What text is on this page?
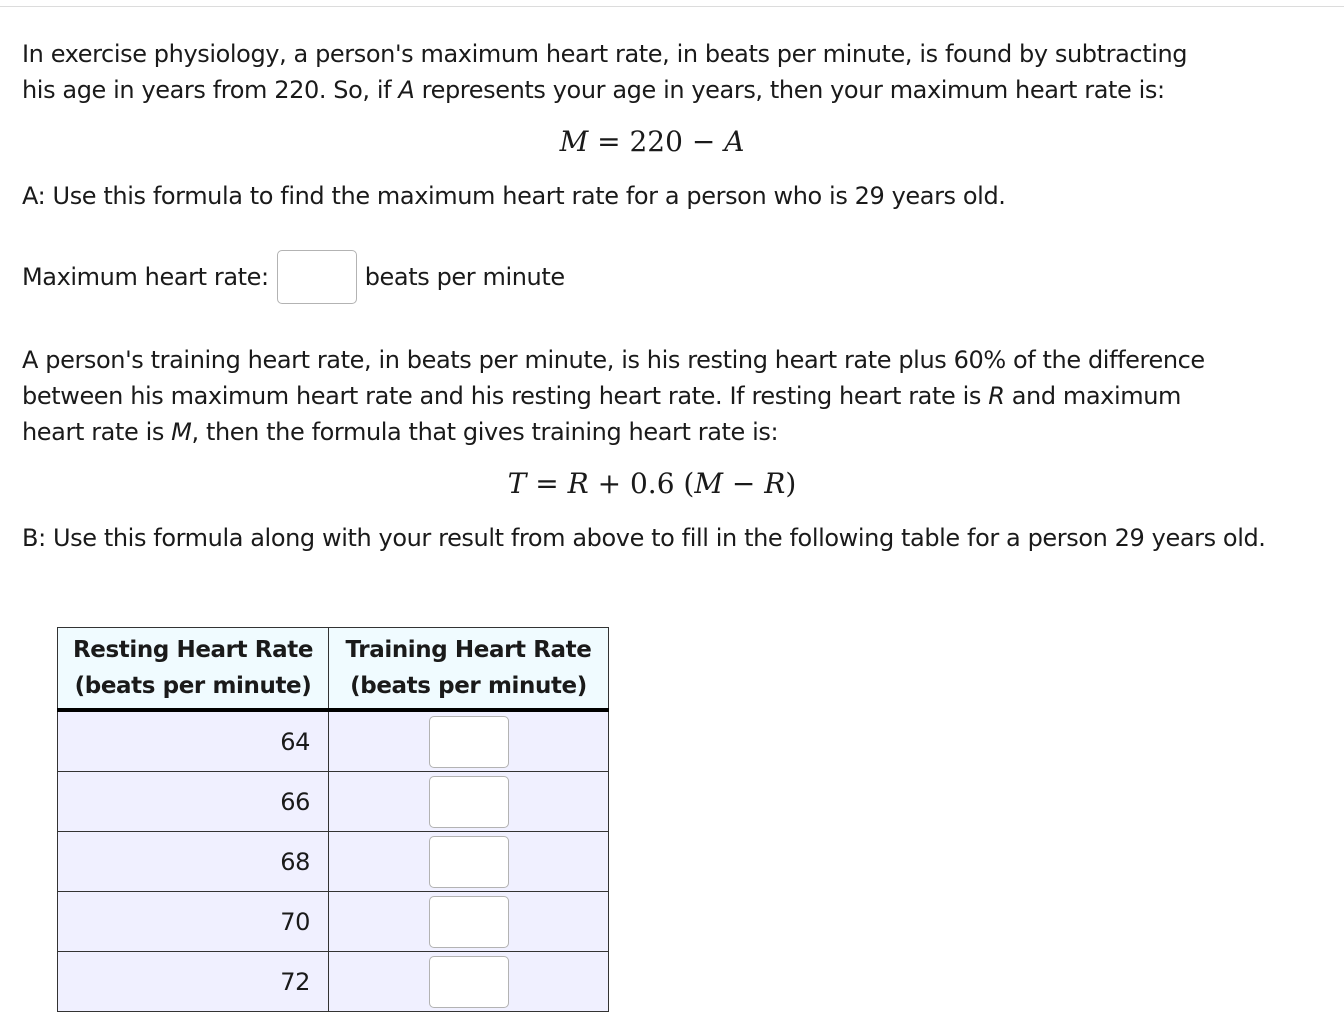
In exercise physiology, a person's maximum heart rate, in beats per minute, is found by subtracting
his age in years from 220. So, if A represents your age in years, then your maximum heart rate is:

M = 220 − A

A: Use this formula to find the maximum heart rate for a person who is 29 years old.

Maximum heart rate:	beats per minute

A person's training heart rate, in beats per minute, is his resting heart rate plus 60% of the difference
between his maximum heart rate and his resting heart rate. If resting heart rate is R and maximum
heart rate is M, then the formula that gives training heart rate is:

T = R + 0.6 (M − R)

B: Use this formula along with your result from above to fill in the following table for a person 29 years old.

Resting Heart Rate
(beats per minute)	Training Heart Rate
(beats per minute)

64	
66	
68	
70	
72	
